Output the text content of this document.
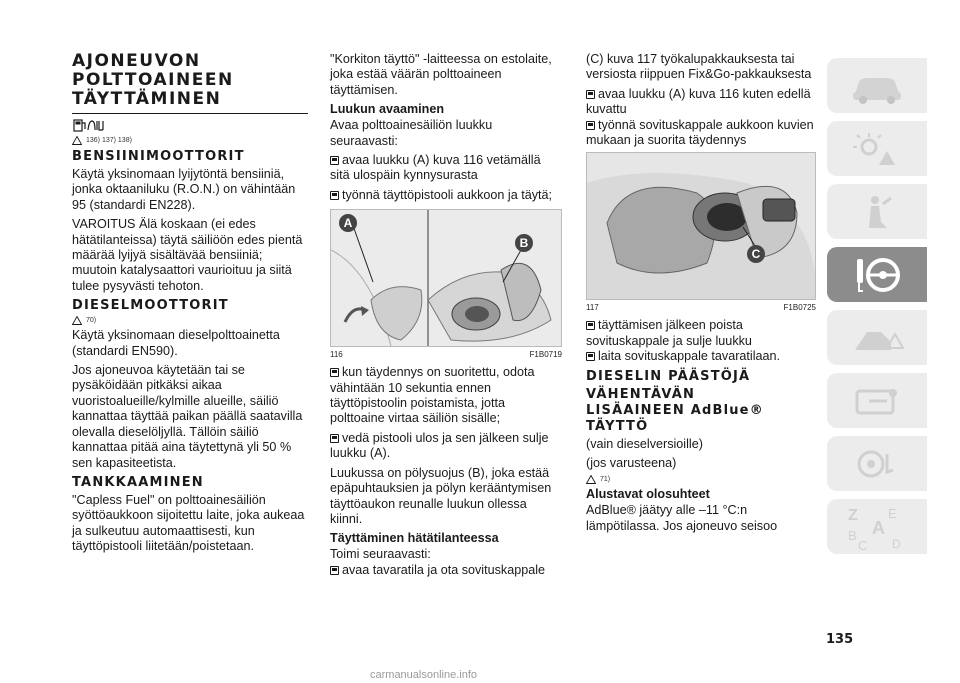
AJONEUVON
POLTTOAINEEN
TÄYTTÄMINEN
136) 137) 138)
BENSIINIMOOTTORIT

Käytä yksinomaan lyijytöntä bensiiniä, jonka oktaaniluku (R.O.N.) on vähintään 95 (standardi EN228).

VAROITUS Älä koskaan (ei edes hätätilanteissa) täytä säiliöön edes pientä määrää lyijyä sisältävää bensiiniä; muutoin katalysaattori vaurioituu ja siitä tulee pysyvästi tehoton.

DIESELMOOTTORIT
70)

Käytä yksinomaan dieselpolttoainetta (standardi EN590).

Jos ajoneuvoa käytetään tai se pysäköidään pitkäksi aikaa vuoristoalueille/kylmille alueille, säiliö kannattaa täyttää paikan päällä saatavilla olevalla dieselöljyllä. Tällöin säiliö kannattaa pitää aina täytettynä yli 50 % sen kapasiteetista.

TANKKAAMINEN

"Capless Fuel" on polttoainesäiliön syöttöaukkoon sijoitettu laite, joka aukeaa ja sulkeutuu automaattisesti, kun täyttöpistooli liitetään/poistetaan.

"Korkiton täyttö" -laitteessa on estolaite, joka estää väärän polttoaineen täyttämisen.

Luukun avaaminen

Avaa polttoainesäiliön luukku seuraavasti:

avaa luukku (A) kuva 116 vetämällä sitä ulospäin kynnysurasta

työnnä täyttöpistooli aukkoon ja täytä;

A
B
116	F1B0719

kun täydennys on suoritettu, odota vähintään 10 sekuntia ennen täyttöpistoolin poistamista, jotta polttoaine virtaa säiliön sisälle;

vedä pistooli ulos ja sen jälkeen sulje luukku (A).

Luukussa on pölysuojus (B), joka estää epäpuhtauksien ja pölyn kerääntymisen täyttöaukon reunalle luukun ollessa kiinni.

Täyttäminen hätätilanteessa

Toimi seuraavasti:

avaa tavaratila ja ota sovituskappale

(C) kuva 117 työkalupakkauksesta tai versiosta riippuen Fix&Go-pakkauksesta

avaa luukku (A) kuva 116 kuten edellä kuvattu

työnnä sovituskappale aukkoon kuvien mukaan ja suorita täydennys

C
117	F1B0725

täyttämisen jälkeen poista sovituskappale ja sulje luukku

laita sovituskappale tavaratilaan.

DIESELIN PÄÄSTÖJÄ
VÄHENTÄVÄN
LISÄAINEEN AdBlue®
TÄYTTÖ

(vain dieselversioille)

(jos varusteena)

71)
Alustavat olosuhteet

AdBlue® jäätyy alle –11 °C:n lämpötilassa. Jos ajoneuvo seisoo

Z E
A
B
C D
135
carmanualsonline.info
